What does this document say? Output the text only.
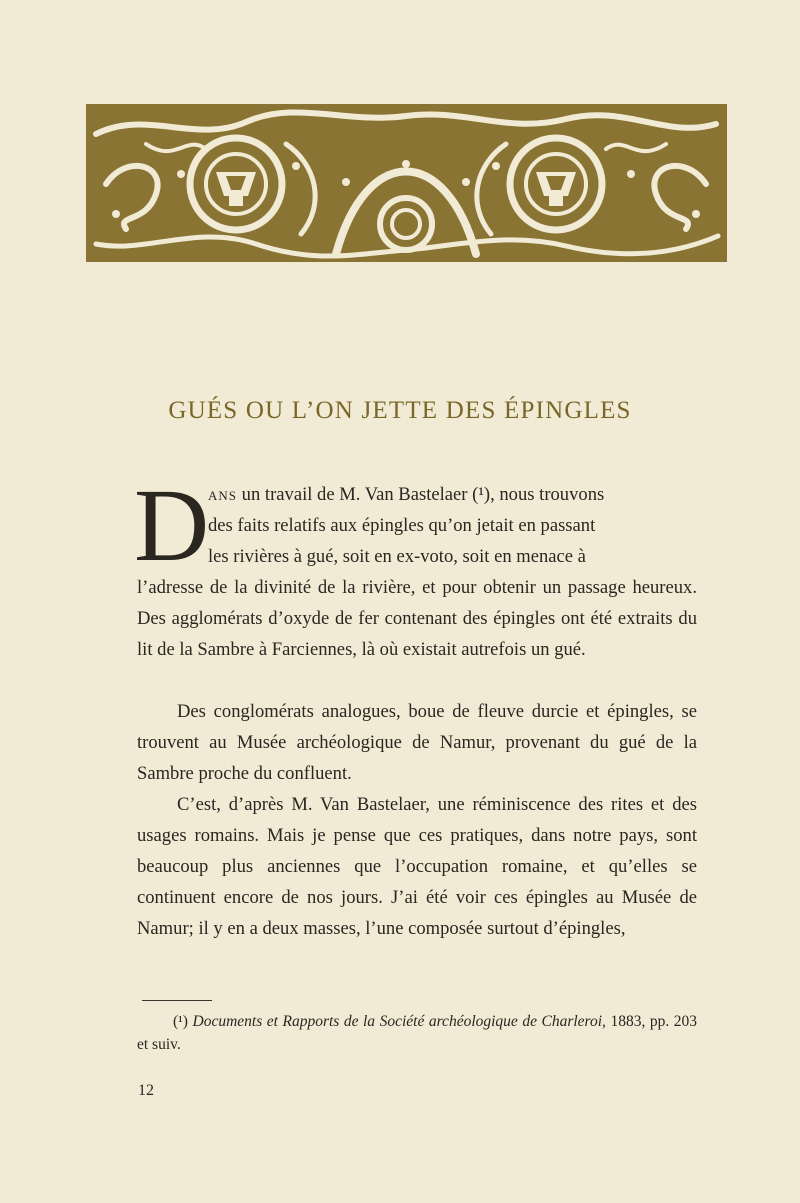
GUÉS OU L’ON JETTE DES ÉPINGLES
D
ans un travail de M. Van Bastelaer (¹), nous trouvons
des faits relatifs aux épingles qu’on jetait en passant
les rivières à gué, soit en ex-voto, soit en menace à

l’adresse de la divinité de la rivière, et pour obtenir un passage heureux. Des agglomérats d’oxyde de fer contenant des épingles ont été extraits du lit de la Sambre à Farciennes, là où existait autrefois un gué.

Des conglomérats analogues, boue de fleuve durcie et épingles, se trouvent au Musée archéologique de Namur, provenant du gué de la Sambre proche du confluent.

C’est, d’après M. Van Bastelaer, une réminiscence des rites et des usages romains. Mais je pense que ces pratiques, dans notre pays, sont beaucoup plus anciennes que l’occupation romaine, et qu’elles se continuent encore de nos jours. J’ai été voir ces épingles au Musée de Namur; il y en a deux masses, l’une composée surtout d’épingles,

(¹) Documents et Rapports de la Société archéologique de Charleroi, 1883, pp. 203 et suiv.

12
